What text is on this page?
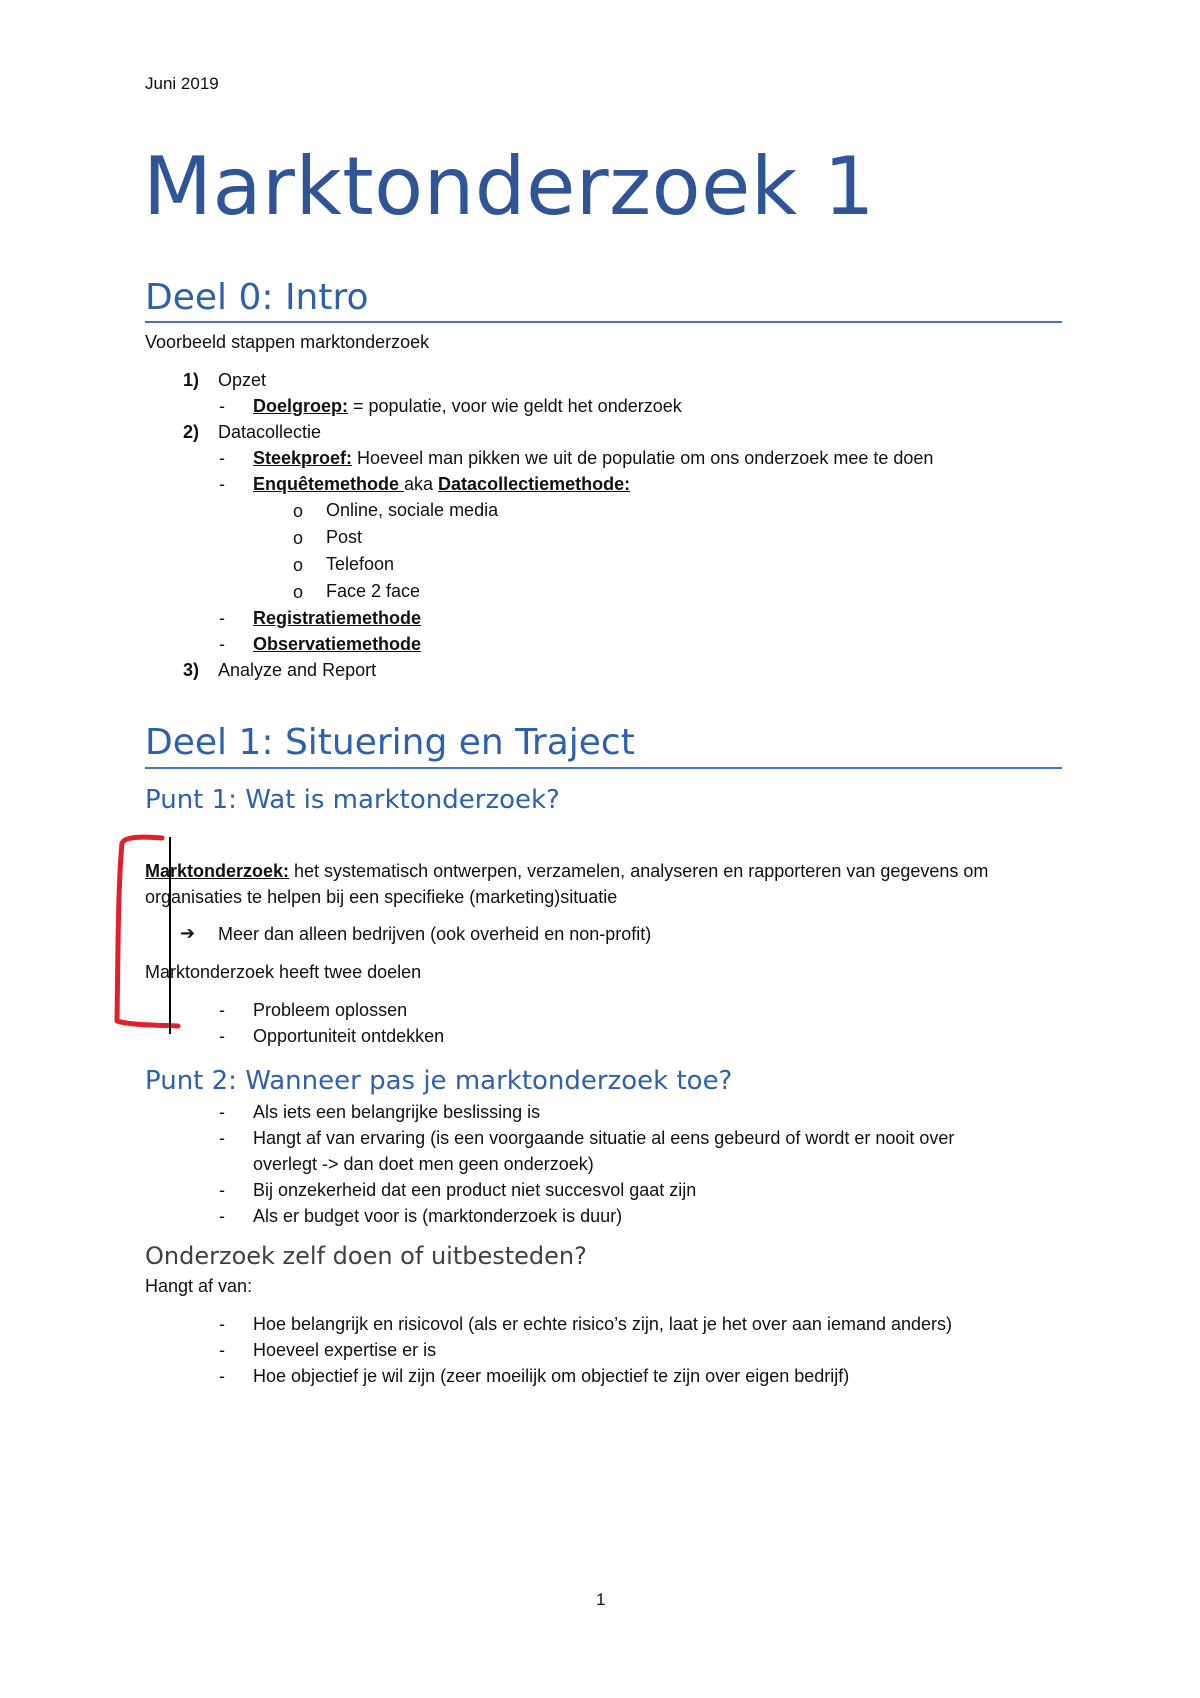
Juni 2019
Marktonderzoek 1
Deel 0: Intro
Voorbeeld stappen marktonderzoek
1) Opzet
- Doelgroep: = populatie, voor wie geldt het onderzoek
2) Datacollectie
- Steekproef: Hoeveel man pikken we uit de populatie om ons onderzoek mee te doen
- Enquêtemethode aka Datacollectiemethode:
o Online, sociale media
o Post
o Telefoon
o Face 2 face
- Registratiemethode
- Observatiemethode
3) Analyze and Report
Deel 1: Situering en Traject
Punt 1: Wat is marktonderzoek?
Marktonderzoek: het systematisch ontwerpen, verzamelen, analyseren en rapporteren van gegevens om
organisaties te helpen bij een specifieke (marketing)situatie
➔ Meer dan alleen bedrijven (ook overheid en non-profit)
Marktonderzoek heeft twee doelen
- Probleem oplossen
- Opportuniteit ontdekken
Punt 2: Wanneer pas je marktonderzoek toe?
- Als iets een belangrijke beslissing is
- Hangt af van ervaring (is een voorgaande situatie al eens gebeurd of wordt er nooit over
overlegt -> dan doet men geen onderzoek)
- Bij onzekerheid dat een product niet succesvol gaat zijn
- Als er budget voor is (marktonderzoek is duur)
Onderzoek zelf doen of uitbesteden?
Hangt af van:
- Hoe belangrijk en risicovol (als er echte risico’s zijn, laat je het over aan iemand anders)
- Hoeveel expertise er is
- Hoe objectief je wil zijn (zeer moeilijk om objectief te zijn over eigen bedrijf)
1
